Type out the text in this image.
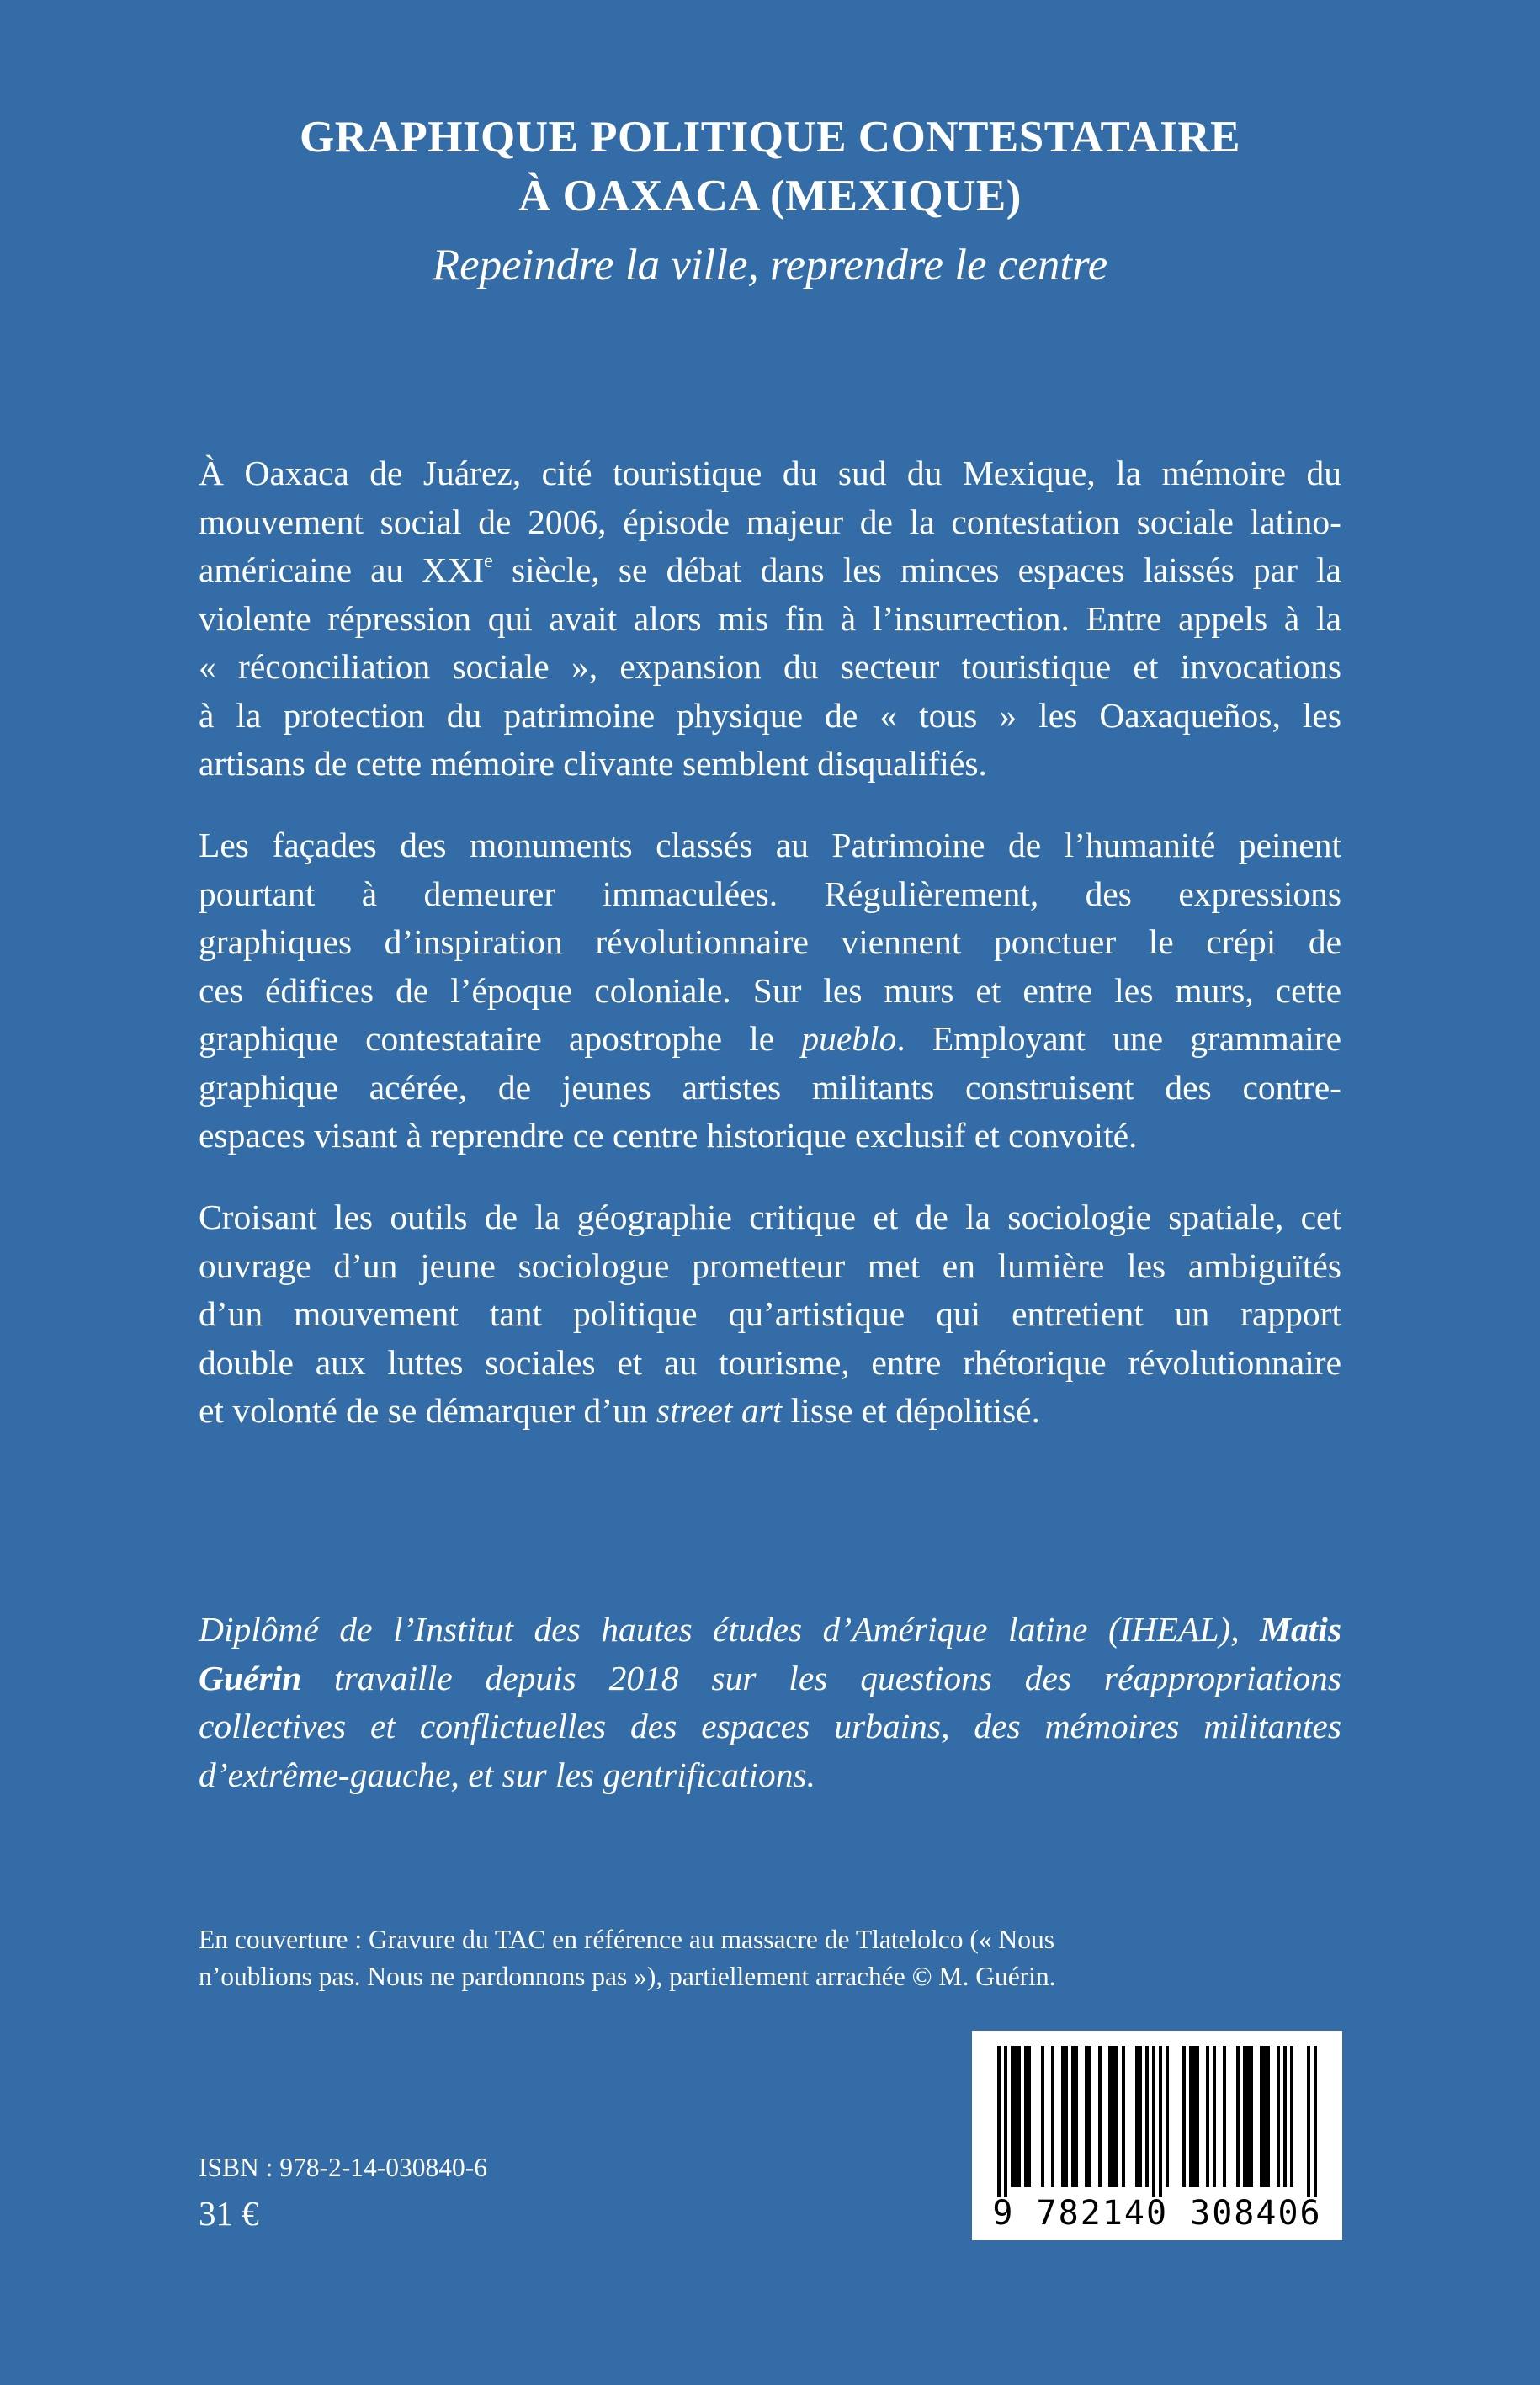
GRAPHIQUE POLITIQUE CONTESTATAIRE
À OAXACA (MEXIQUE)
Repeindre la ville, reprendre le centre
À Oaxaca de Juárez, cité touristique du sud du Mexique, la mémoire du
mouvement social de 2006, épisode majeur de la contestation sociale latino-
américaine au XXIe siècle, se débat dans les minces espaces laissés par la
violente répression qui avait alors mis fin à l’insurrection. Entre appels à la
« réconciliation sociale », expansion du secteur touristique et invocations
à la protection du patrimoine physique de « tous » les Oaxaqueños, les
artisans de cette mémoire clivante semblent disqualifiés.
Les façades des monuments classés au Patrimoine de l’humanité peinent
pourtant à demeurer immaculées. Régulièrement, des expressions
graphiques d’inspiration révolutionnaire viennent ponctuer le crépi de
ces édifices de l’époque coloniale. Sur les murs et entre les murs, cette
graphique contestataire apostrophe le pueblo. Employant une grammaire
graphique acérée, de jeunes artistes militants construisent des contre-
espaces visant à reprendre ce centre historique exclusif et convoité.
Croisant les outils de la géographie critique et de la sociologie spatiale, cet
ouvrage d’un jeune sociologue prometteur met en lumière les ambiguïtés
d’un mouvement tant politique qu’artistique qui entretient un rapport
double aux luttes sociales et au tourisme, entre rhétorique révolutionnaire
et volonté de se démarquer d’un street art lisse et dépolitisé.
Diplômé de l’Institut des hautes études d’Amérique latine (IHEAL), Matis
Guérin travaille depuis 2018 sur les questions des réappropriations
collectives et conflictuelles des espaces urbains, des mémoires militantes
d’extrême-gauche, et sur les gentrifications.
En couverture : Gravure du TAC en référence au massacre de Tlatelolco (« Nous
n’oublions pas. Nous ne pardonnons pas »), partiellement arrachée © M. Guérin.
ISBN : 978-2-14-030840-6
31 €	9 782140 308406
